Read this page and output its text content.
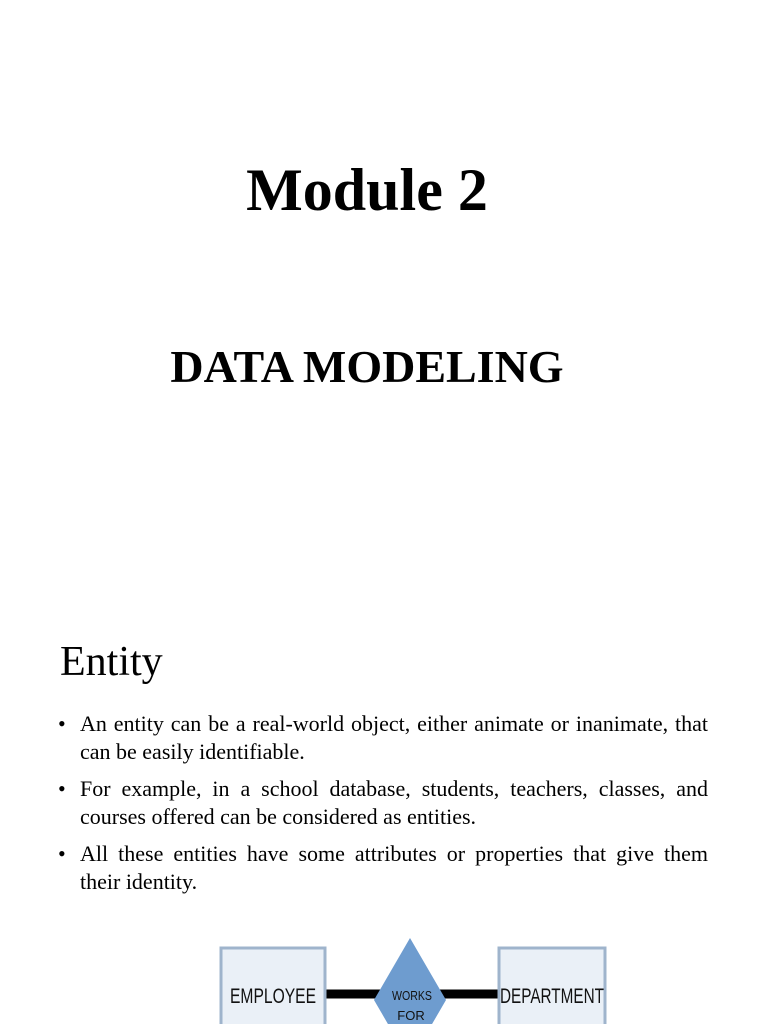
Module 2
DATA MODELING
Entity
• An entity can be a real-world object, either animate or inanimate, that can be easily identifiable.
• For example, in a school database, students, teachers, classes, and courses offered can be considered as entities.
• All these entities have some attributes or properties that give them their identity.
EMPLOYEE	DEPARTMENT
WORKS
FOR
